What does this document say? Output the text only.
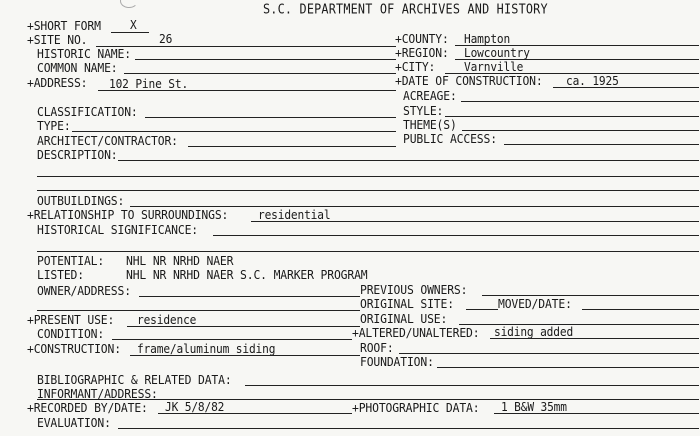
S.C. DEPARTMENT OF ARCHIVES AND HISTORY
+SHORT FORM	X
+SITE NO.	26	+COUNTY: Hampton
HISTORIC NAME:	+REGION: Lowcountry
COMMON NAME:	+CITY:	Varnville
+ADDRESS: 102 Pine St.	+DATE OF CONSTRUCTION: ca. 1925
ACREAGE:
CLASSIFICATION:	STYLE:
TYPE:	THEME(S)
ARCHITECT/CONTRACTOR:	PUBLIC ACCESS:
DESCRIPTION:
OUTBUILDINGS:
+RELATIONSHIP TO SURROUNDINGS:	residential
HISTORICAL SIGNIFICANCE:
POTENTIAL: NHL NR NRHD NAER
LISTED:	NHL NR NRHD NAER S.C. MARKER PROGRAM
OWNER/ADDRESS:	PREVIOUS OWNERS:
ORIGINAL SITE:	MOVED/DATE:
+PRESENT USE: residence	ORIGINAL USE:
CONDITION:	+ALTERED/UNALTERED: siding added
+CONSTRUCTION: frame/aluminum siding	ROOF:
FOUNDATION:
BIBLIOGRAPHIC & RELATED DATA:
INFORMANT/ADDRESS:
+RECORDED BY/DATE: JK 5/8/82	+PHOTOGRAPHIC DATA: 1 B&W 35mm
EVALUATION:
